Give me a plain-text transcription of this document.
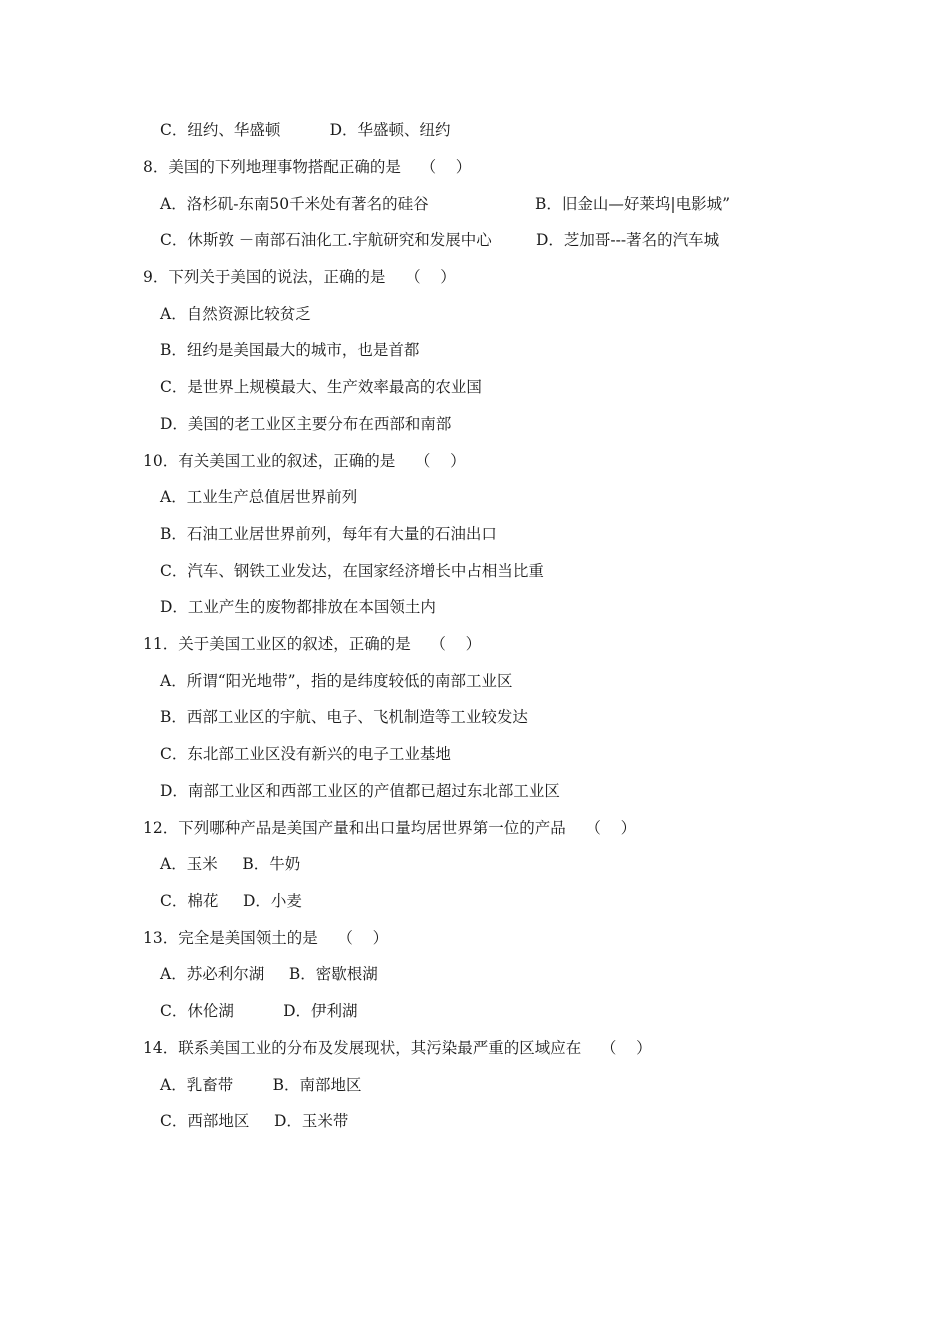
C．纽约、华盛顿          D．华盛顿、纽约
8．美国的下列地理事物搭配正确的是    （    ）
A．洛杉矶-东南50千米处有著名的硅谷	B．旧金山—好莱坞|电影城”
C．休斯敦 －南部石油化工.宇航研究和发展中心	D．芝加哥---著名的汽车城
9．下列关于美国的说法，正确的是    （    ）
A．自然资源比较贫乏
B．纽约是美国最大的城市，也是首都
C．是世界上规模最大、生产效率最高的农业国
D．美国的老工业区主要分布在西部和南部
10．有关美国工业的叙述，正确的是    （    ）
A．工业生产总值居世界前列
B．石油工业居世界前列，每年有大量的石油出口
C．汽车、钢铁工业发达，在国家经济增长中占相当比重
D．工业产生的废物都排放在本国领土内
11．关于美国工业区的叙述，正确的是    （    ）
A．所谓“阳光地带”，指的是纬度较低的南部工业区
B．西部工业区的宇航、电子、飞机制造等工业较发达
C．东北部工业区没有新兴的电子工业基地
D．南部工业区和西部工业区的产值都已超过东北部工业区
12．下列哪种产品是美国产量和出口量均居世界第一位的产品    （    ）
A．玉米     B．牛奶
C．棉花     D．小麦
13．完全是美国领土的是    （    ）
A．苏必利尔湖     B．密歇根湖
C．休伦湖          D．伊利湖
14．联系美国工业的分布及发展现状，其污染最严重的区域应在    （    ）
A．乳畜带        B．南部地区
C．西部地区     D．玉米带
